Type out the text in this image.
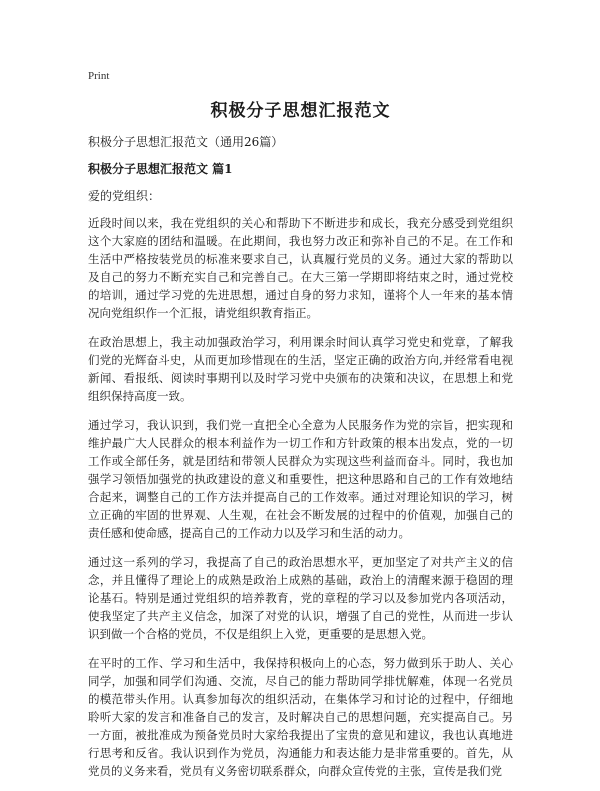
Print
积极分子思想汇报范文
积极分子思想汇报范文（通用26篇）
积极分子思想汇报范文 篇1
爱的党组织：

近段时间以来，我在党组织的关心和帮助下不断进步和成长，我充分感受到党组织这个大家庭的团结和温暖。在此期间，我也努力改正和弥补自己的不足。在工作和生活中严格按装党员的标准来要求自己，认真履行党员的义务。通过大家的帮助以及自己的努力不断充实自己和完善自己。在大三第一学期即将结束之时，通过党校的培训，通过学习党的先进思想，通过自身的努力求知，谨将个人一年来的基本情况向党组织作一个汇报，请党组织教育指正。

在政治思想上，我主动加强政治学习，利用课余时间认真学习党史和党章，了解我们党的光辉奋斗史，从而更加珍惜现在的生活，坚定正确的政治方向,并经常看电视新闻、看报纸、阅读时事期刊以及时学习党中央颁布的决策和决议，在思想上和党组织保持高度一致。

通过学习，我认识到，我们党一直把全心全意为人民服务作为党的宗旨，把实现和维护最广大人民群众的根本利益作为一切工作和方针政策的根本出发点，党的一切工作或全部任务，就是团结和带领人民群众为实现这些利益而奋斗。同时，我也加强学习领悟加强党的执政建设的意义和重要性，把这种思路和自己的工作有效地结合起来，调整自己的工作方法并提高自己的工作效率。通过对理论知识的学习，树立正确的牢固的世界观、人生观，在社会不断发展的过程中的价值观，加强自己的责任感和使命感，提高自己的工作动力以及学习和生活的动力。

通过这一系列的学习，我提高了自己的政治思想水平，更加坚定了对共产主义的信念，并且懂得了理论上的成熟是政治上成熟的基础，政治上的清醒来源于稳固的理论基石。特别是通过党组织的培养教育，党的章程的学习以及参加党内各项活动，使我坚定了共产主义信念，加深了对党的认识，增强了自己的党性，从而进一步认识到做一个合格的党员，不仅是组织上入党，更重要的是思想入党。

在平时的工作、学习和生活中，我保持积极向上的心态，努力做到乐于助人、关心同学，加强和同学们沟通、交流，尽自己的能力帮助同学排忧解难，体现一名党员的模范带头作用。认真参加每次的组织活动，在集体学习和讨论的过程中，仔细地聆听大家的发言和准备自己的发言，及时解决自己的思想问题，充实提高自己。另一方面，被批准成为预备党员时大家给我提出了宝贵的意见和建议，我也认真地进行思考和反省。我认识到作为党员，沟通能力和表达能力是非常重要的。首先，从党员的义务来看，党员有义务密切联系群众，向群众宣传党的主张，宣传是我们党
